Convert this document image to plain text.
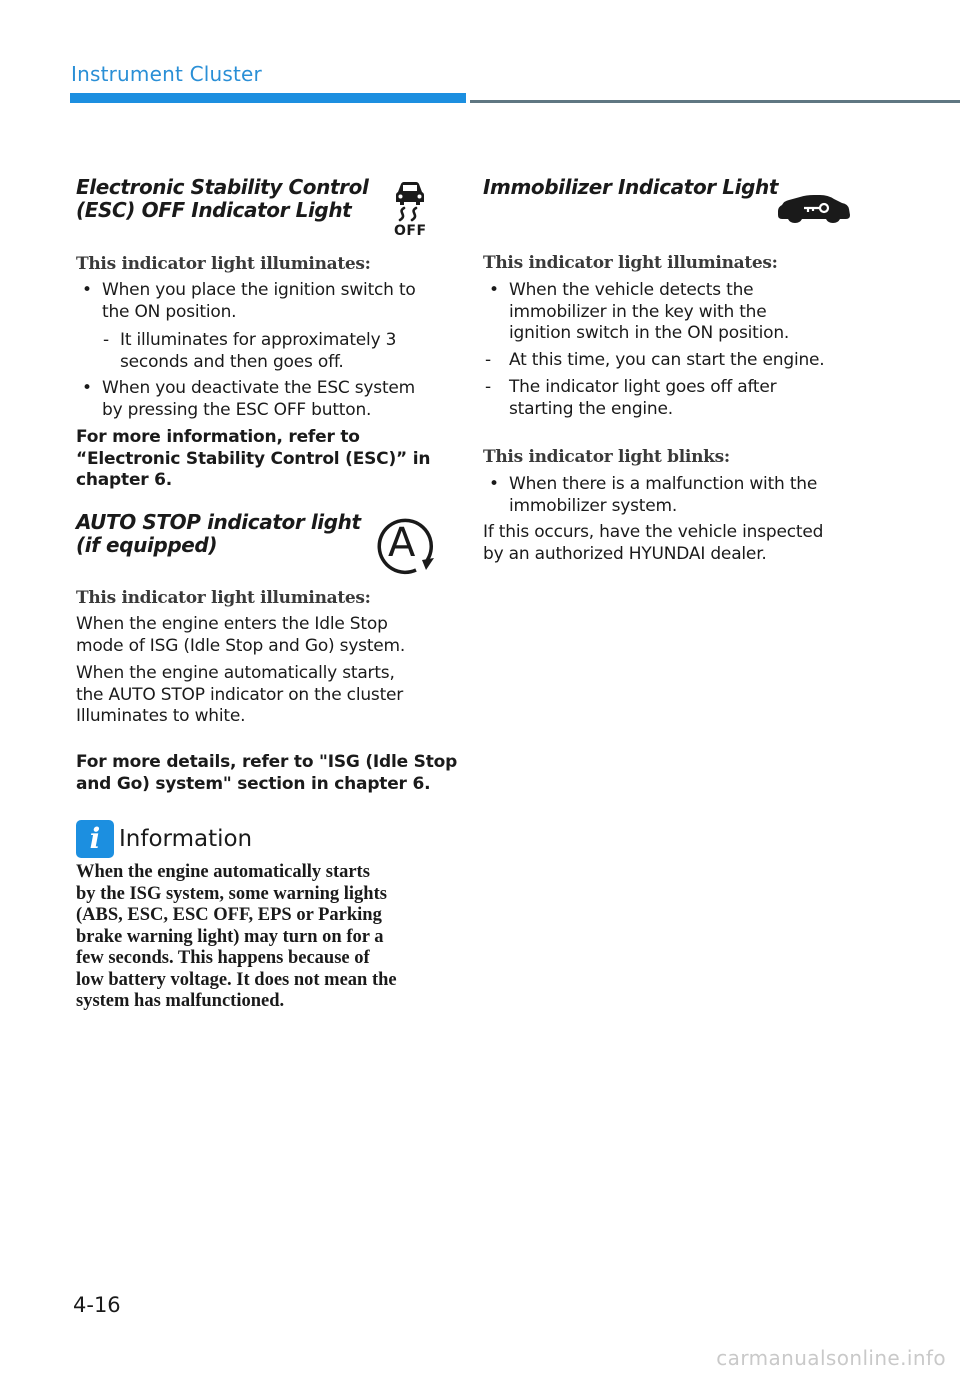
Instrument Cluster
Electronic Stability Control
(ESC) OFF Indicator Light
OFF
This indicator light illuminates:
• When you place the ignition switch to
the ON position.
- It illuminates for approximately 3
seconds and then goes off.
• When you deactivate the ESC system
by pressing the ESC OFF button.
For more information, refer to
“Electronic Stability Control (ESC)” in
chapter 6.
AUTO STOP indicator light
(if equipped)	A
This indicator light illuminates:
When the engine enters the Idle Stop
mode of ISG (Idle Stop and Go) system.
When the engine automatically starts,
the AUTO STOP indicator on the cluster
Illuminates to white.
For more details, refer to "ISG (Idle Stop
and Go) system" section in chapter 6.
i Information
When the engine automatically starts
by the ISG system, some warning lights
(ABS, ESC, ESC OFF, EPS or Parking
brake warning light) may turn on for a
few seconds. This happens because of
low battery voltage. It does not mean the
system has malfunctioned.
Immobilizer Indicator Light
This indicator light illuminates:
• When the vehicle detects the
immobilizer in the key with the
ignition switch in the ON position.
- At this time, you can start the engine.
- The indicator light goes off after
starting the engine.
This indicator light blinks:
• When there is a malfunction with the
immobilizer system.
If this occurs, have the vehicle inspected
by an authorized HYUNDAI dealer.
4-16
carmanualsonline.info
